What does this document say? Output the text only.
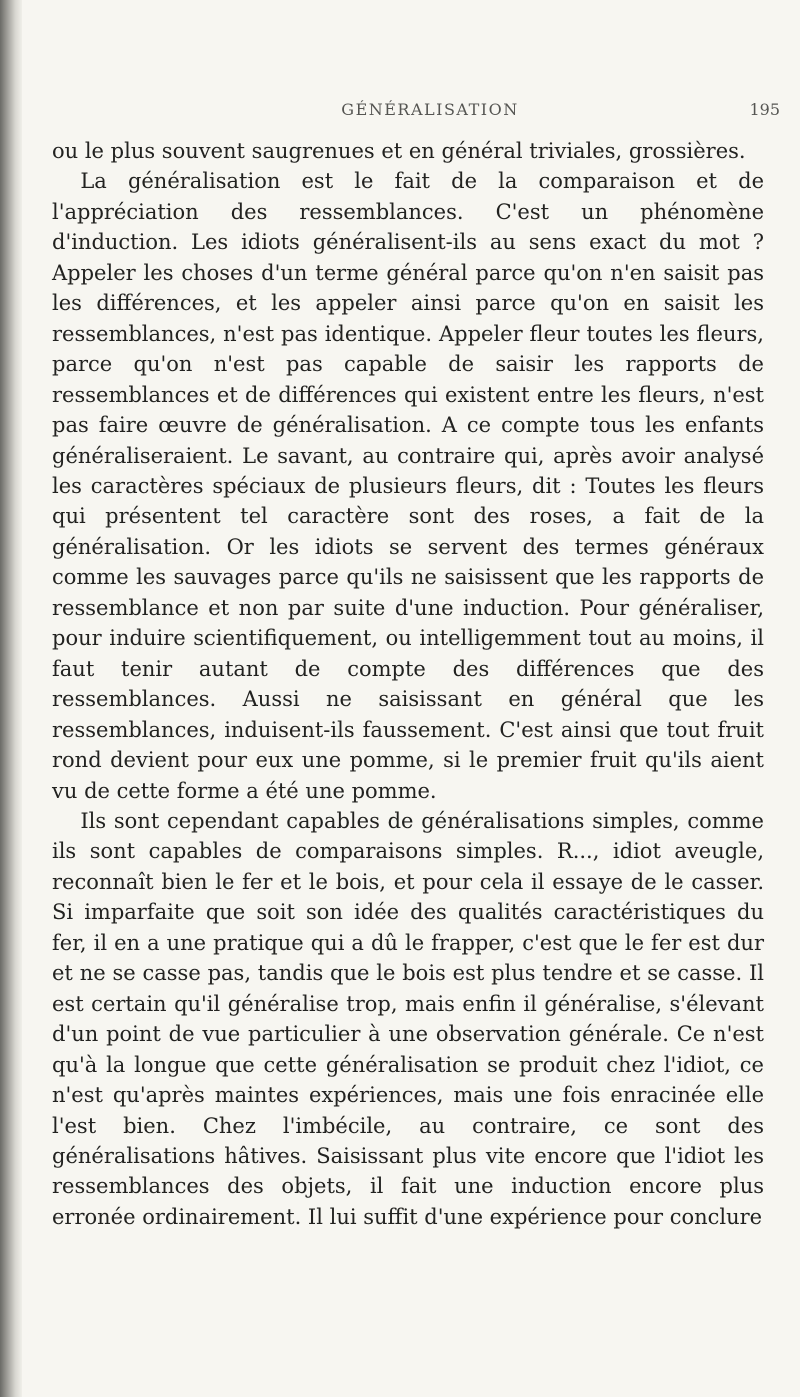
GÉNÉRALISATION	195

ou le plus souvent saugrenues et en général triviales, grossières.

La généralisation est le fait de la comparaison et de l'appréciation des ressemblances. C'est un phénomène d'induction. Les idiots généralisent-ils au sens exact du mot ? Appeler les choses d'un terme général parce qu'on n'en saisit pas les différences, et les appeler ainsi parce qu'on en saisit les ressemblances, n'est pas identique. Appeler fleur toutes les fleurs, parce qu'on n'est pas capable de saisir les rapports de ressemblances et de différences qui existent entre les fleurs, n'est pas faire œuvre de généralisation. A ce compte tous les enfants généraliseraient. Le savant, au contraire qui, après avoir analysé les caractères spéciaux de plusieurs fleurs, dit : Toutes les fleurs qui présentent tel caractère sont des roses, a fait de la généralisation. Or les idiots se servent des termes généraux comme les sauvages parce qu'ils ne saisissent que les rapports de ressemblance et non par suite d'une induction. Pour généraliser, pour induire scientifiquement, ou intelligemment tout au moins, il faut tenir autant de compte des différences que des ressemblances. Aussi ne saisissant en général que les ressemblances, induisent-ils faussement. C'est ainsi que tout fruit rond devient pour eux une pomme, si le premier fruit qu'ils aient vu de cette forme a été une pomme.

Ils sont cependant capables de généralisations simples, comme ils sont capables de comparaisons simples. R..., idiot aveugle, reconnaît bien le fer et le bois, et pour cela il essaye de le casser. Si imparfaite que soit son idée des qualités caractéristiques du fer, il en a une pratique qui a dû le frapper, c'est que le fer est dur et ne se casse pas, tandis que le bois est plus tendre et se casse. Il est certain qu'il généralise trop, mais enfin il généralise, s'élevant d'un point de vue particulier à une observation générale. Ce n'est qu'à la longue que cette généralisation se produit chez l'idiot, ce n'est qu'après maintes expériences, mais une fois enracinée elle l'est bien. Chez l'imbécile, au contraire, ce sont des généralisations hâtives. Saisissant plus vite encore que l'idiot les ressemblances des objets, il fait une induction encore plus erronée ordinairement. Il lui suffit d'une expérience pour conclure
